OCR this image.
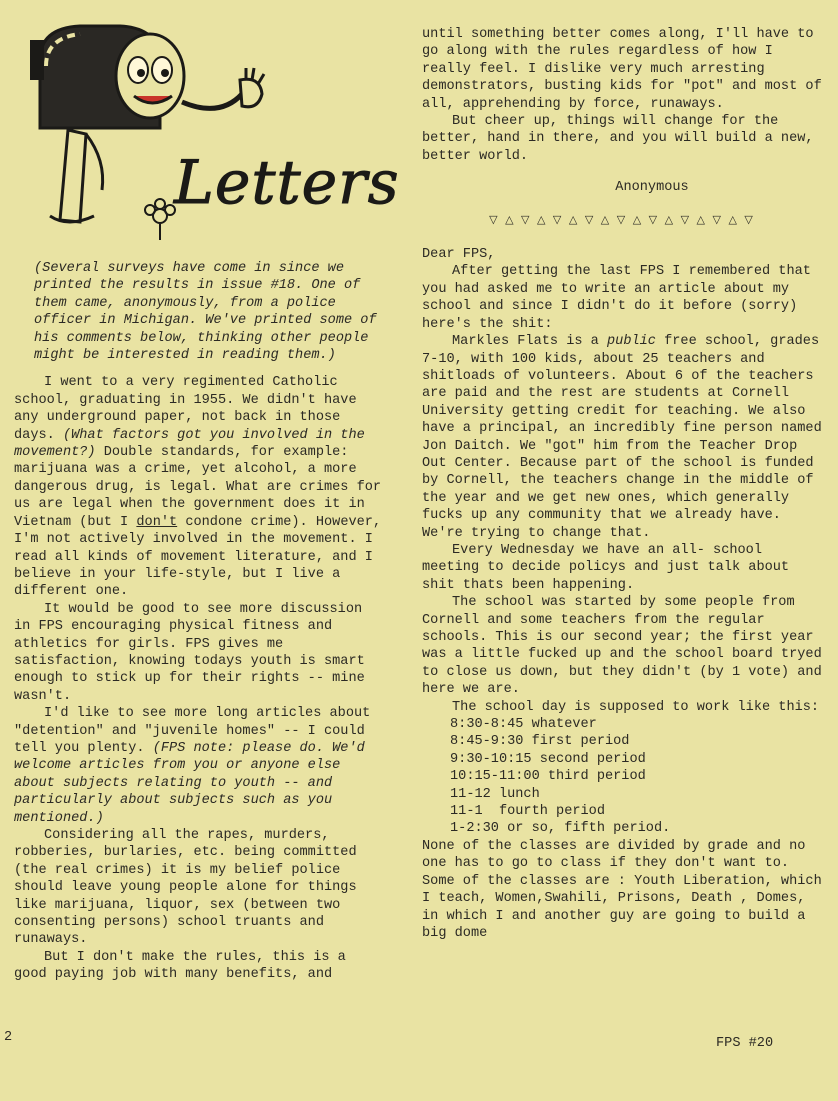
Letters

(Several surveys have come in since we printed the results in issue #18. One of them came, anonymously, from a police officer in Michigan. We've printed some of his comments below, thinking other people might be interested in reading them.)

I went to a very regimented Catholic school, graduating in 1955. We didn't have any underground paper, not back in those days. (What factors got you involved in the movement?) Double standards, for example: marijuana was a crime, yet alcohol, a more dangerous drug, is legal. What are crimes for us are legal when the government does it in Vietnam (but I don't condone crime). However, I'm not actively involved in the movement. I read all kinds of movement literature, and I believe in your life-style, but I live a different one.

It would be good to see more discussion in FPS encouraging physical fitness and athletics for girls. FPS gives me satisfaction, knowing todays youth is smart enough to stick up for their rights -- mine wasn't.

I'd like to see more long articles about "detention" and "juvenile homes" -- I could tell you plenty. (FPS note: please do. We'd welcome articles from you or anyone else about subjects relating to youth -- and particularly about subjects such as you mentioned.)

Considering all the rapes, murders, robberies, burlaries, etc. being committed (the real crimes) it is my belief police should leave young people alone for things like marijuana, liquor, sex (between two consenting persons) school truants and runaways.

But I don't make the rules, this is a good paying job with many benefits, and

until something better comes along, I'll have to go along with the rules regardless of how I really feel. I dislike very much arresting demonstrators, busting kids for "pot" and most of all, apprehending by force, runaways.

But cheer up, things will change for the better, hand in there, and you will build a new, better world.

Anonymous

▽ △ ▽ △ ▽ △ ▽ △ ▽ △ ▽ △ ▽ △ ▽ △ ▽

Dear FPS,

After getting the last FPS I remembered that you had asked me to write an article about my school and since I didn't do it before (sorry) here's the shit:

Markles Flats is a public free school, grades 7-10, with 100 kids, about 25 teachers and shitloads of volunteers. About 6 of the teachers are paid and the rest are students at Cornell University getting credit for teaching. We also have a principal, an incredibly fine person named Jon Daitch. We "got" him from the Teacher Drop Out Center. Because part of the school is funded by Cornell, the teachers change in the middle of the year and we get new ones, which generally fucks up any community that we already have. We're trying to change that.

Every Wednesday we have an all- school meeting to decide policys and just talk about shit thats been happening.

The school was started by some people from Cornell and some teachers from the regular schools. This is our second year; the first year was a little fucked up and the school board tryed to close us down, but they didn't (by 1 vote) and here we are.

The school day is supposed to work like this:

8:30-8:45 whatever
8:45-9:30 first period
9:30-10:15 second period
10:15-11:00 third period
11-12 lunch
11-1  fourth period
1-2:30 or so, fifth period.

None of the classes are divided by grade and no one has to go to class if they don't want to. Some of the classes are : Youth Liberation, which I teach, Women,Swahili, Prisons, Death , Domes, in which I and another guy are going to build a big dome

2	FPS #20
